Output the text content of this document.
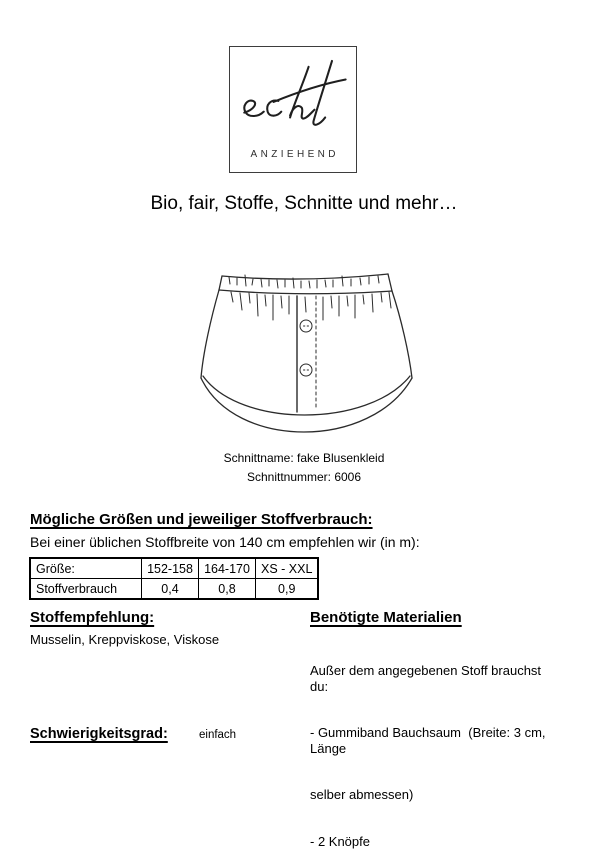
ANZIEHEND
Bio, fair, Stoffe, Schnitte und mehr…
Schnittname: fake Blusenkleid
Schnittnummer: 6006
Mögliche Größen und jeweiliger Stoffverbrauch:
Bei einer üblichen Stoffbreite von 140 cm empfehlen wir (in m):
Größe:	152-158	164-170	XS - XXL
Stoffverbrauch	0,4	0,8	0,9
Stoffempfehlung:
Musselin, Kreppviskose, Viskose
Benötigte Materialien

Außer dem angegebenen Stoff brauchst du:

- Gummiband Bauchsaum  (Breite: 3 cm, Länge

selber abmessen)

- 2 Knöpfe

Schwierigkeitsgrad:	einfach
